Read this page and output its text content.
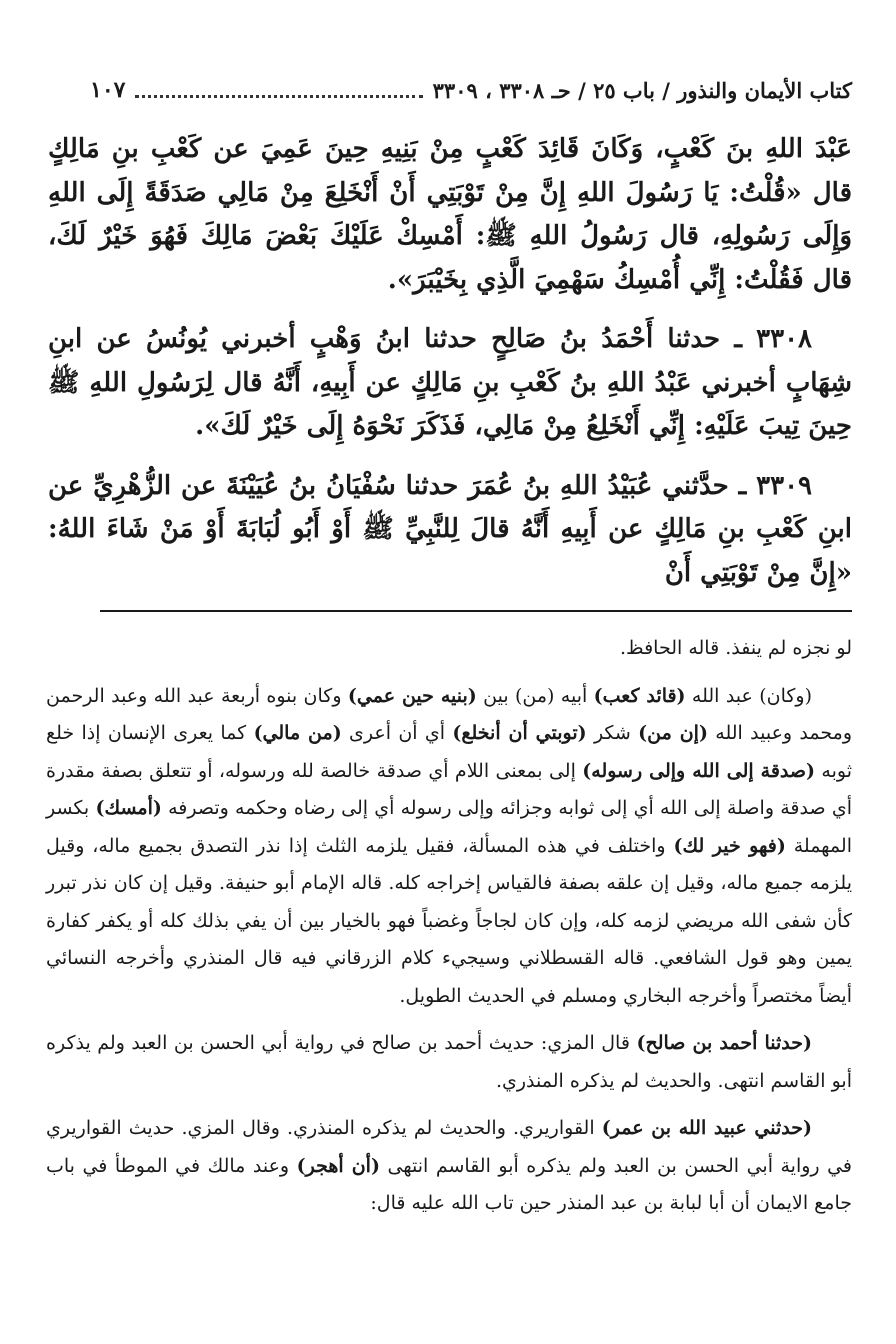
كتاب الأيمان والنذور / باب ٢٥ / حـ ٣٣٠٨ ، ٣٣٠٩
١٠٧

عَبْدَ اللهِ بنَ كَعْبٍ، وَكَانَ قَائِدَ كَعْبٍ مِنْ بَنِيهِ حِينَ عَمِيَ عن كَعْبِ بنِ مَالِكٍ قال «قُلْتُ: يَا رَسُولَ اللهِ إِنَّ مِنْ تَوْبَتِي أَنْ أَنْخَلِعَ مِنْ مَالِي صَدَقَةً إِلَى اللهِ وَإِلَى رَسُولِهِ، قال رَسُولُ اللهِ ﷺ: أَمْسِكْ عَلَيْكَ بَعْضَ مَالِكَ فَهُوَ خَيْرٌ لَكَ، قال فَقُلْتُ: إِنِّي أُمْسِكُ سَهْمِيَ الَّذِي بِخَيْبَرَ».

٣٣٠٨ ـ حدثنا أَحْمَدُ بنُ صَالِحٍ حدثنا ابنُ وَهْبٍ أخبرني يُونُسُ عن ابنِ شِهَابٍ أخبرني عَبْدُ اللهِ بنُ كَعْبِ بنِ مَالِكٍ عن أَبِيهِ، أَنَّهُ قال لِرَسُولِ اللهِ ﷺ حِينَ تِيبَ عَلَيْهِ: إِنِّي أَنْخَلِعُ مِنْ مَالِي، فَذَكَرَ نَحْوَهُ إِلَى خَيْرٌ لَكَ».

٣٣٠٩ ـ حدَّثني عُبَيْدُ اللهِ بنُ عُمَرَ حدثنا سُفْيَانُ بنُ عُيَيْنَةَ عن الزُّهْرِيِّ عن ابنِ كَعْبِ بنِ مَالِكٍ عن أَبِيهِ أَنَّهُ قالَ لِلنَّبِيِّ ﷺ أَوْ أَبُو لُبَابَةَ أَوْ مَنْ شَاءَ اللهُ: «إِنَّ مِنْ تَوْبَتِي أَنْ

لو نجزه لم ينفذ. قاله الحافظ.

(وكان) عبد الله (قائد كعب) أبيه (من) بين (بنيه حين عمي) وكان بنوه أربعة عبد الله وعبد الرحمن ومحمد وعبيد الله (إن من) شكر (توبتي أن أنخلع) أي أن أعرى (من مالي) كما يعرى الإنسان إذا خلع ثوبه (صدقة إلى الله وإلى رسوله) إلى بمعنى اللام أي صدقة خالصة لله ورسوله، أو تتعلق بصفة مقدرة أي صدقة واصلة إلى الله أي إلى ثوابه وجزائه وإلى رسوله أي إلى رضاه وحكمه وتصرفه (أمسك) بكسر المهملة (فهو خير لك) واختلف في هذه المسألة، فقيل يلزمه الثلث إذا نذر التصدق بجميع ماله، وقيل يلزمه جميع ماله، وقيل إن علقه بصفة فالقياس إخراجه كله. قاله الإمام أبو حنيفة. وقيل إن كان نذر تبرر كأن شفى الله مريضي لزمه كله، وإن كان لجاجاً وغضباً فهو بالخيار بين أن يفي بذلك كله أو يكفر كفارة يمين وهو قول الشافعي. قاله القسطلاني وسيجيء كلام الزرقاني فيه قال المنذري وأخرجه النسائي أيضاً مختصراً وأخرجه البخاري ومسلم في الحديث الطويل.

(حدثنا أحمد بن صالح) قال المزي: حديث أحمد بن صالح في رواية أبي الحسن بن العبد ولم يذكره أبو القاسم انتهى. والحديث لم يذكره المنذري.

(حدثني عبيد الله بن عمر) القواريري. والحديث لم يذكره المنذري. وقال المزي. حديث القواريري في رواية أبي الحسن بن العبد ولم يذكره أبو القاسم انتهى (أن أهجر) وعند مالك في الموطأ في باب جامع الايمان أن أبا لبابة بن عبد المنذر حين تاب الله عليه قال:
